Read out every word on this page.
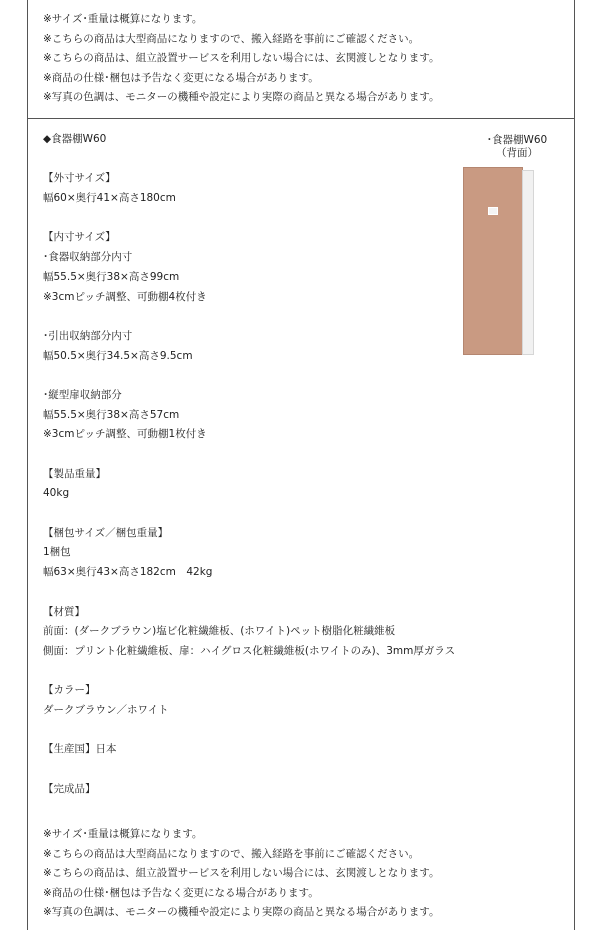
※サイズ･重量は概算になります。
※こちらの商品は大型商品になりますので、搬入経路を事前にご確認ください。
※こちらの商品は、組立設置サービスを利用しない場合には、玄関渡しとなります。
※商品の仕様･梱包は予告なく変更になる場合があります。
※写真の色調は、モニターの機種や設定により実際の商品と異なる場合があります。
◆食器棚W60
【外寸サイズ】
幅60×奥行41×高さ180cm
【内寸サイズ】
･食器収納部分内寸
幅55.5×奥行38×高さ99cm
※3cmピッチ調整、可動棚4枚付き
･引出収納部分内寸
幅50.5×奥行34.5×高さ9.5cm
･縦型扉収納部分
幅55.5×奥行38×高さ57cm
※3cmピッチ調整、可動棚1枚付き
【製品重量】
40kg
【梱包サイズ／梱包重量】
1梱包
幅63×奥行43×高さ182cm　42kg
【材質】
前面：(ダークブラウン)塩ビ化粧繊維板、(ホワイト)ペット樹脂化粧繊維板
側面：プリント化粧繊維板、扉：ハイグロス化粧繊維板(ホワイトのみ)、3mm厚ガラス
【カラー】
ダークブラウン／ホワイト
【生産国】日本
【完成品】
･食器棚W60
（背面）
※サイズ･重量は概算になります。
※こちらの商品は大型商品になりますので、搬入経路を事前にご確認ください。
※こちらの商品は、組立設置サービスを利用しない場合には、玄関渡しとなります。
※商品の仕様･梱包は予告なく変更になる場合があります。
※写真の色調は、モニターの機種や設定により実際の商品と異なる場合があります。
